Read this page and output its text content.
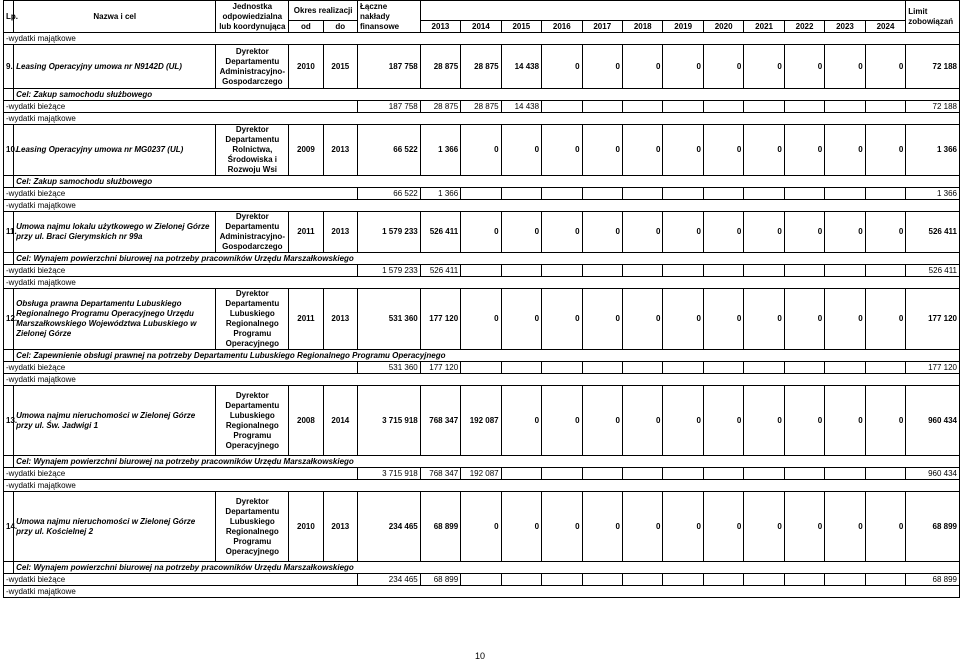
Lp.	Nazwa i cel	Jednostka odpowiedzialna lub koordynująca	Okres realizacji		Łączne nakłady finansowe													Limit zobowiązań
			od	do		2013	2014	2015	2016	2017	2018	2019	2020	2021	2022	2023	2024	
-wydatki majątkowe																		
9.	Leasing Operacyjny umowa nr N9142D (UL)	Dyrektor Departamentu Administracyjno-Gospodarczego	2010	2015	187 758	28 875	28 875	14 438	0	0	0	0	0	0	0	0	0	72 188
	Cel: Zakup samochodu służbowego																	
-wydatki bieżące					187 758	28 875	28 875	14 438										72 188
-wydatki majątkowe																		
10.	Leasing Operacyjny umowa nr MG0237 (UL)	Dyrektor Departamentu Rolnictwa, Środowiska i Rozwoju Wsi	2009	2013	66 522	1 366	0	0	0	0	0	0	0	0	0	0	0	1 366
	Cel: Zakup samochodu służbowego																	
-wydatki bieżące					66 522	1 366												1 366
-wydatki majątkowe																		
11.	Umowa najmu lokalu użytkowego w Zielonej Górze przy ul. Braci Gierymskich nr 99a	Dyrektor Departamentu Administracyjno-Gospodarczego	2011	2013	1 579 233	526 411	0	0	0	0	0	0	0	0	0	0	0	526 411
	Cel: Wynajem powierzchni biurowej na potrzeby pracowników Urzędu Marszałkowskiego																	
-wydatki bieżące					1 579 233	526 411												526 411
-wydatki majątkowe																		
12.	Obsługa prawna Departamentu Lubuskiego Regionalnego Programu Operacyjnego Urzędu Marszałkowskiego Województwa Lubuskiego w Zielonej Górze	Dyrektor Departamentu Lubuskiego Regionalnego Programu Operacyjnego	2011	2013	531 360	177 120	0	0	0	0	0	0	0	0	0	0	0	177 120
	Cel: Zapewnienie obsługi prawnej na potrzeby Departamentu Lubuskiego Regionalnego Programu Operacyjnego																	
-wydatki bieżące					531 360	177 120												177 120
-wydatki majątkowe																		
13.	Umowa najmu nieruchomości w Zielonej Górze przy ul. Św. Jadwigi 1	Dyrektor Departamentu Lubuskiego Regionalnego Programu Operacyjnego	2008	2014	3 715 918	768 347	192 087	0	0	0	0	0	0	0	0	0	0	960 434
	Cel: Wynajem powierzchni biurowej na potrzeby pracowników Urzędu Marszałkowskiego																	
-wydatki bieżące					3 715 918	768 347	192 087											960 434
-wydatki majątkowe																		
14.	Umowa najmu nieruchomości w Zielonej Górze przy ul. Kościelnej 2	Dyrektor Departamentu Lubuskiego Regionalnego Programu Operacyjnego	2010	2013	234 465	68 899	0	0	0	0	0	0	0	0	0	0	0	68 899
	Cel: Wynajem powierzchni biurowej na potrzeby pracowników Urzędu Marszałkowskiego																	
-wydatki bieżące					234 465	68 899												68 899
-wydatki majątkowe																		
10
